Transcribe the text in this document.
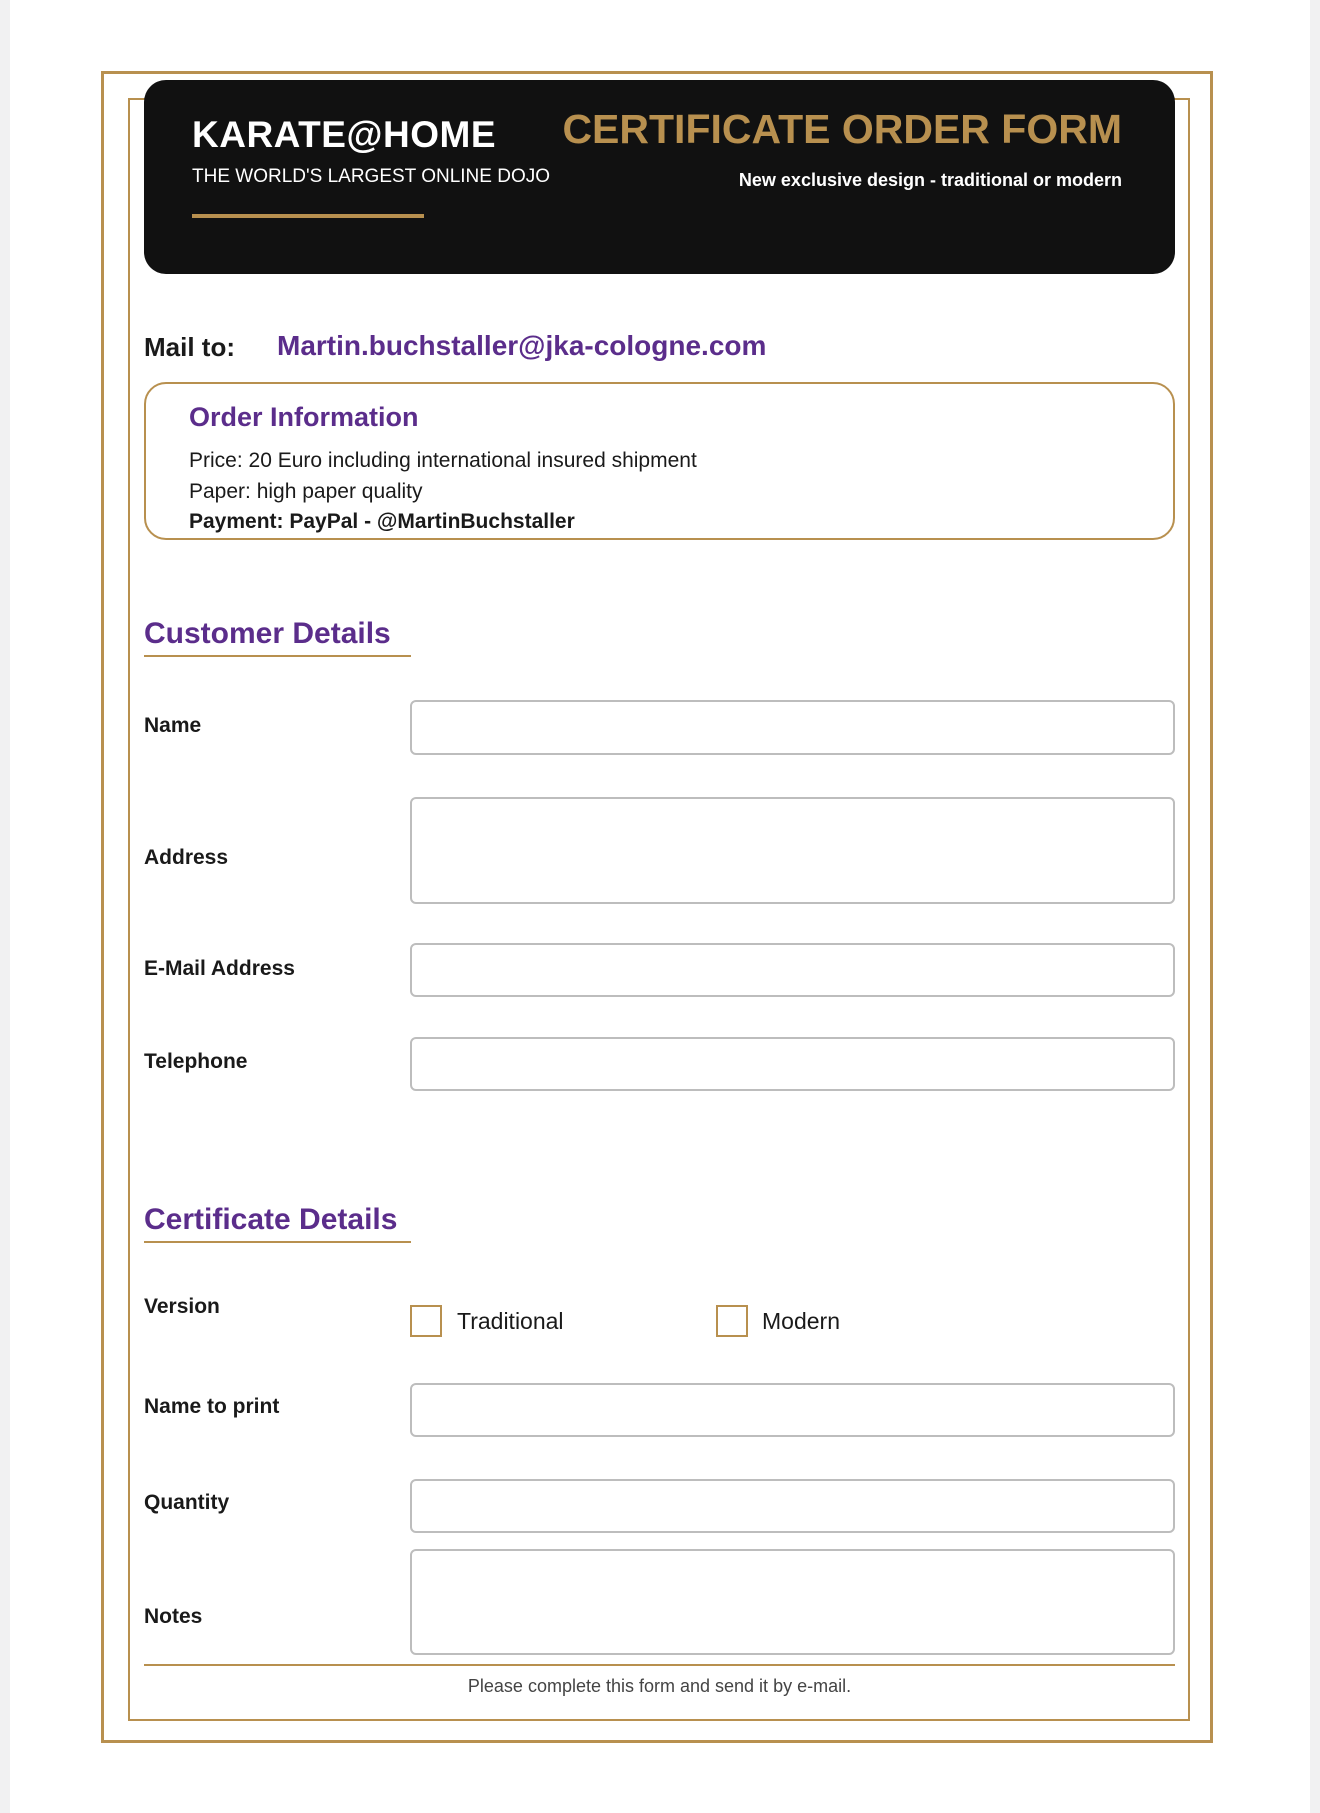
KARATE@HOME
THE WORLD'S LARGEST ONLINE DOJO
CERTIFICATE ORDER FORM
New exclusive design - traditional or modern
Mail to: Martin.buchstaller@jka-cologne.com
Order Information
Price: 20 Euro including international insured shipment
Paper: high paper quality
Payment: PayPal - @MartinBuchstaller
Customer Details
Name
Address
E-Mail Address
Telephone
Certificate Details
Version
Traditional	Modern
Name to print
Quantity
Notes
Please complete this form and send it by e-mail.
